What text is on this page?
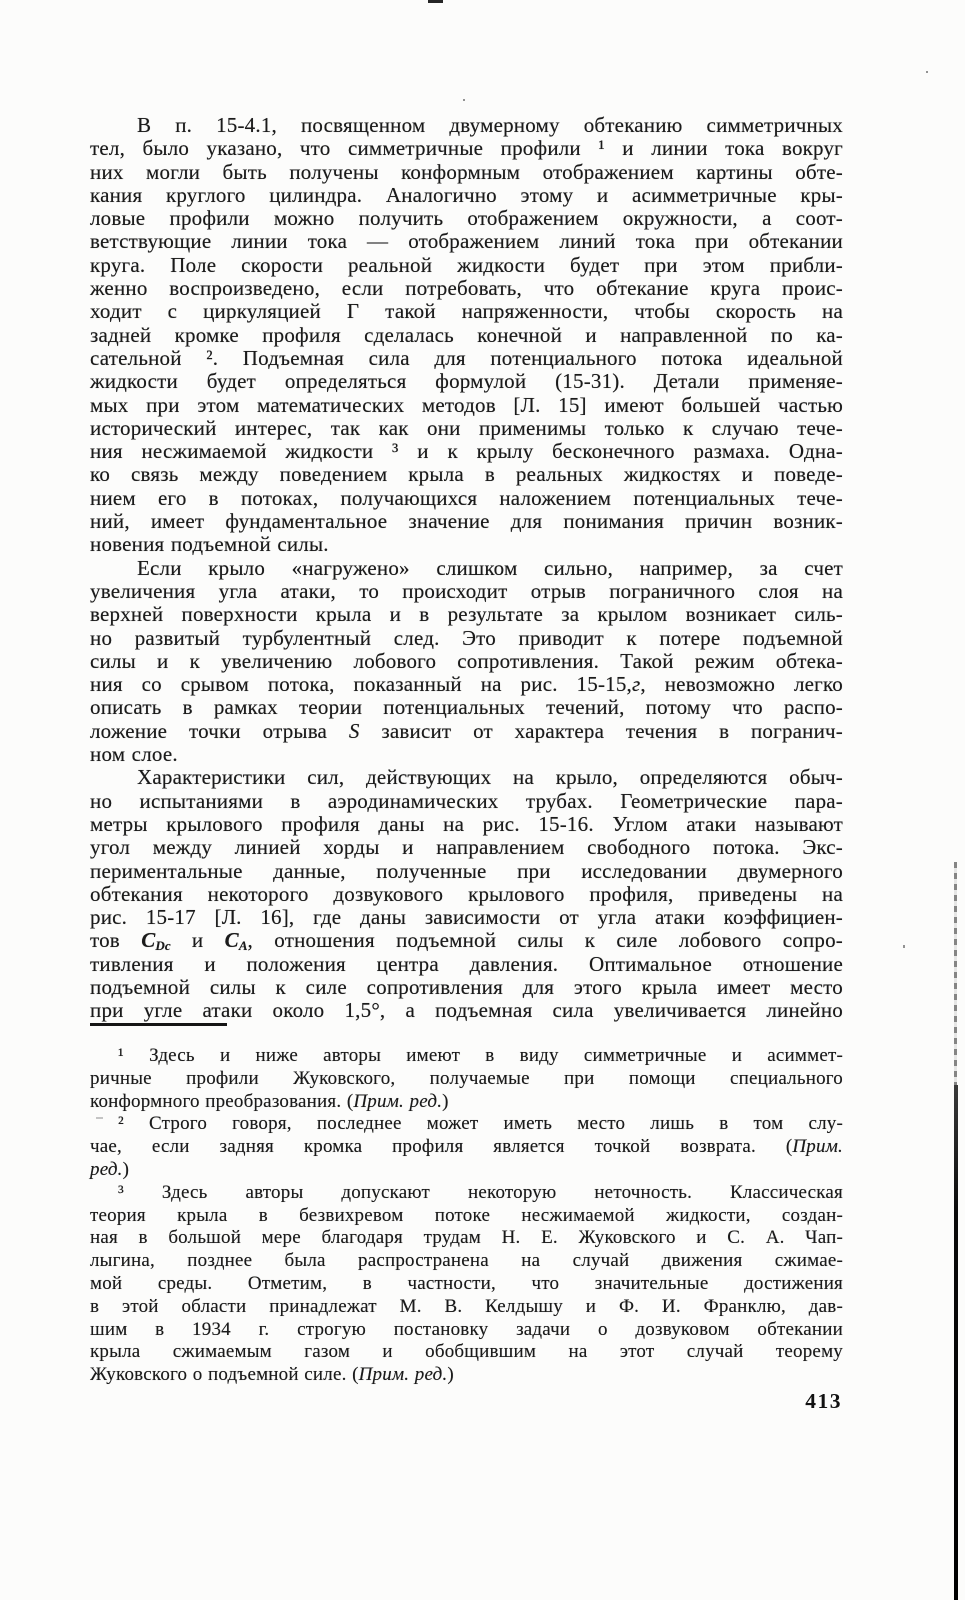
В п. 15-4.1, посвященном двумерному обтеканию симметричных
тел, было указано, что симметричные профили ¹ и линии тока вокруг
них могли быть получены конформным отображением картины обте-
кания круглого цилиндра. Аналогично этому и асимметричные кры-
ловые профили можно получить отображением окружности, а соот-
ветствующие линии тока — отображением линий тока при обтекании
круга. Поле скорости реальной жидкости будет при этом прибли-
женно воспроизведено, если потребовать, что обтекание круга проис-
ходит с циркуляцией Г такой напряженности, чтобы скорость на
задней кромке профиля сделалась конечной и направленной по ка-
сательной ². Подъемная сила для потенциального потока идеальной
жидкости будет определяться формулой (15-31). Детали применяе-
мых при этом математических методов [Л. 15] имеют большей частью
исторический интерес, так как они применимы только к случаю тече-
ния несжимаемой жидкости ³ и к крылу бесконечного размаха. Одна-
ко связь между поведением крыла в реальных жидкостях и поведе-
нием его в потоках, получающихся наложением потенциальных тече-
ний, имеет фундаментальное значение для понимания причин возник-
новения подъемной силы.
Если крыло «нагружено» слишком сильно, например, за счет
увеличения угла атаки, то происходит отрыв пограничного слоя на
верхней поверхности крыла и в результате за крылом возникает силь-
но развитый турбулентный след. Это приводит к потере подъемной
силы и к увеличению лобового сопротивления. Такой режим обтека-
ния со срывом потока, показанный на рис. 15-15,г, невозможно легко
описать в рамках теории потенциальных течений, потому что распо-
ложение точки отрыва S зависит от характера течения в погранич-
ном слое.
Характеристики сил, действующих на крыло, определяются обыч-
но испытаниями в аэродинамических трубах. Геометрические пара-
метры крылового профиля даны на рис. 15-16. Углом атаки называют
угол между линией хорды и направлением свободного потока. Экс-
периментальные данные, полученные при исследовании двумерного
обтекания некоторого дозвукового крылового профиля, приведены на
рис. 15-17 [Л. 16], где даны зависимости от угла атаки коэффициен-
тов $C_{Dc}$ и $C_A$, отношения подъемной силы к силе лобового сопро-
тивления и положения центра давления. Оптимальное отношение
подъемной силы к силе сопротивления для этого крыла имеет место
при угле атаки около 1,5°, а подъемная сила увеличивается линейно
¹ Здесь и ниже авторы имеют в виду симметричные и асиммет-
ричные профили Жуковского, получаемые при помощи специального
конформного преобразования. (Прим. ред.)
² Строго говоря, последнее может иметь место лишь в том слу-
чае, если задняя кромка профиля является точкой возврата. (Прим.
ред.)
³ Здесь авторы допускают некоторую неточность. Классическая
теория крыла в безвихревом потоке несжимаемой жидкости, создан-
ная в большой мере благодаря трудам Н. Е. Жуковского и С. А. Чап-
лыгина, позднее была распространена на случай движения сжимае-
мой среды. Отметим, в частности, что значительные достижения
в этой области принадлежат М. В. Келдышу и Ф. И. Франклю, дав-
шим в 1934 г. строгую постановку задачи о дозвуковом обтекании
крыла сжимаемым газом и обобщившим на этот случай теорему
Жуковского о подъемной силе. (Прим. ред.)
413
